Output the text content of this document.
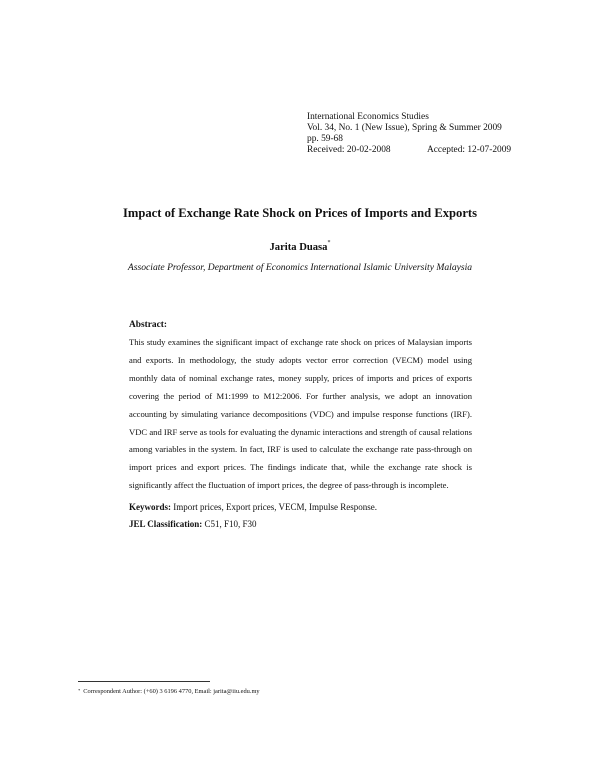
International Economics Studies
Vol. 34, No. 1 (New Issue), Spring & Summer 2009
pp. 59-68
Received: 20-02-2008	Accepted: 12-07-2009
Impact of Exchange Rate Shock on Prices of Imports and Exports
Jarita Duasa*
Associate Professor, Department of Economics International Islamic University Malaysia
Abstract:
This study examines the significant impact of exchange rate shock on prices of Malaysian imports and exports. In methodology, the study adopts vector error correction (VECM) model using monthly data of nominal exchange rates, money supply, prices of imports and prices of exports covering the period of M1:1999 to M12:2006. For further analysis, we adopt an innovation accounting by simulating variance decompositions (VDC) and impulse response functions (IRF). VDC and IRF serve as tools for evaluating the dynamic interactions and strength of causal relations among variables in the system. In fact, IRF is used to calculate the exchange rate pass-through on import prices and export prices. The findings indicate that, while the exchange rate shock is significantly affect the fluctuation of import prices, the degree of pass-through is incomplete.
Keywords: Import prices, Export prices, VECM, Impulse Response.
JEL Classification: C51, F10, F30
* Correspondent Author: (+60) 3 6196 4770, Email: jarita@iiu.edu.my
